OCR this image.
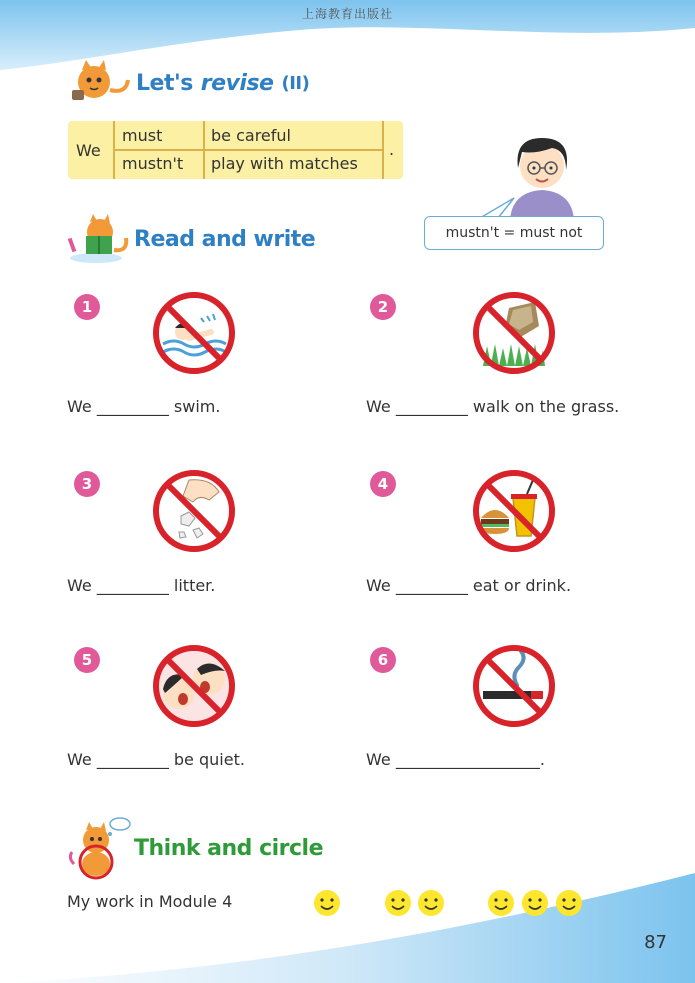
上海教育出版社
Let's revise (II)
We
must	be careful
mustn't play with matches
.
mustn't = must not
Read and write
1
We _________ swim.
2
We _________ walk on the grass.
3
We _________ litter.
4
We _________ eat or drink.
5
We _________ be quiet.
6
We __________________.
Think and circle
My work in Module 4
87
